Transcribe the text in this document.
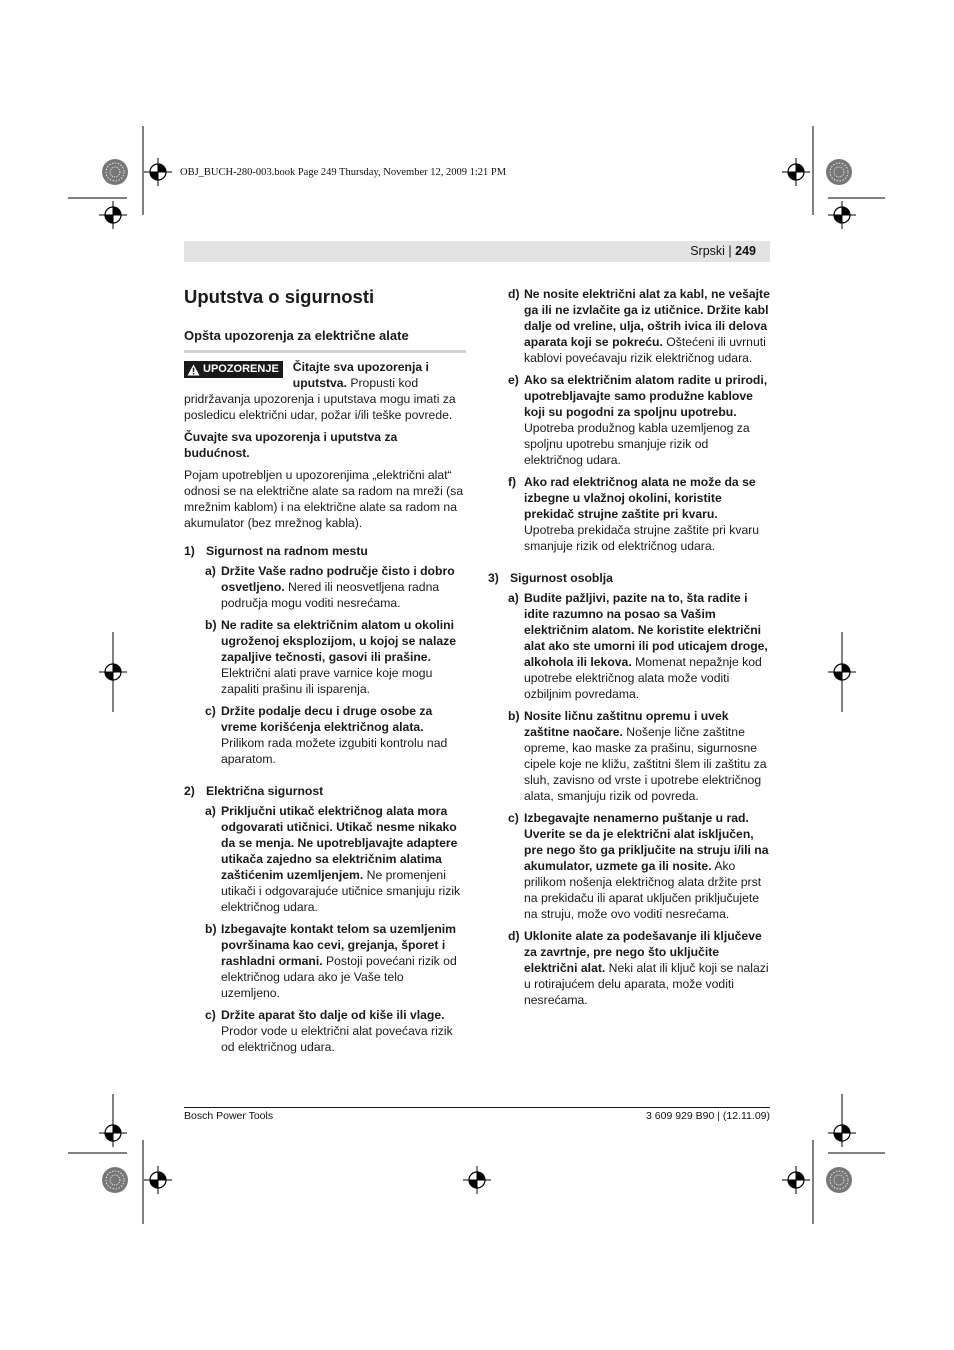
OBJ_BUCH-280-003.book Page 249 Thursday, November 12, 2009 1:21 PM
Srpski | 249
Uputstva o sigurnosti
Opšta upozorenja za električne alate
UPOZORENJE	Čitajte sva upozorenja i uputstva. Propusti kod pridržavanja upozorenja i uputstava mogu imati za posledicu električni udar, požar i/ili teške povrede.

Čuvajte sva upozorenja i uputstva za budućnost.

Pojam upotrebljen u upozorenjima „električni alat“ odnosi se na električne alate sa radom na mreži (sa mrežnim kablom) i na električne alate sa radom na akumulator (bez mrežnog kabla).

1) Sigurnost na radnom mestu
a) Držite Vaše radno područje čisto i dobro osvetljeno. Nered ili neosvetljena radna područja mogu voditi nesrećama.
b) Ne radite sa električnim alatom u okolini ugroženoj eksplozijom, u kojoj se nalaze zapaljive tečnosti, gasovi ili prašine. Električni alati prave varnice koje mogu zapaliti prašinu ili isparenja.
c) Držite podalje decu i druge osobe za vreme korišćenja električnog alata. Prilikom rada možete izgubiti kontrolu nad aparatom.
2) Električna sigurnost
a) Priključni utikač električnog alata mora odgovarati utičnici. Utikač nesme nikako da se menja. Ne upotrebljavajte adaptere utikača zajedno sa električnim alatima zaštićenim uzemljenjem. Ne promenjeni utikači i odgovarajuće utičnice smanjuju rizik električnog udara.
b) Izbegavajte kontakt telom sa uzemljenim površinama kao cevi, grejanja, šporet i rashladni ormani. Postoji povećani rizik od električnog udara ako je Vaše telo uzemljeno.
c) Držite aparat što dalje od kiše ili vlage. Prodor vode u električni alat povećava rizik od električnog udara.
d) Ne nosite električni alat za kabl, ne vešajte ga ili ne izvlačite ga iz utičnice. Držite kabl dalje od vreline, ulja, oštrih ivica ili delova aparata koji se pokreću. Oštećeni ili uvrnuti kablovi povećavaju rizik električnog udara.
e) Ako sa električnim alatom radite u prirodi, upotrebljavajte samo produžne kablove koji su pogodni za spoljnu upotrebu. Upotreba produžnog kabla uzemljenog za spoljnu upotrebu smanjuje rizik od električnog udara.
f) Ako rad električnog alata ne može da se izbegne u vlažnoj okolini, koristite prekidač strujne zaštite pri kvaru. Upotreba prekidača strujne zaštite pri kvaru smanjuje rizik od električnog udara.
3) Sigurnost osoblja
a) Budite pažljivi, pazite na to, šta radite i idite razumno na posao sa Vašim električnim alatom. Ne koristite električni alat ako ste umorni ili pod uticajem droge, alkohola ili lekova. Momenat nepažnje kod upotrebe električnog alata može voditi ozbiljnim povredama.
b) Nosite ličnu zaštitnu opremu i uvek zaštitne naočare. Nošenje lične zaštitne opreme, kao maske za prašinu, sigurnosne cipele koje ne kližu, zaštitni šlem ili zaštitu za sluh, zavisno od vrste i upotrebe električnog alata, smanjuju rizik od povreda.
c) Izbegavajte nenamerno puštanje u rad. Uverite se da je električni alat isključen, pre nego što ga priključite na struju i/ili na akumulator, uzmete ga ili nosite. Ako prilikom nošenja električnog alata držite prst na prekidaču ili aparat uključen priključujete na struju, može ovo voditi nesrećama.
d) Uklonite alate za podešavanje ili ključeve za zavrtnje, pre nego što uključite električni alat. Neki alat ili ključ koji se nalazi u rotirajućem delu aparata, može voditi nesrećama.
Bosch Power Tools	3 609 929 B90 | (12.11.09)
